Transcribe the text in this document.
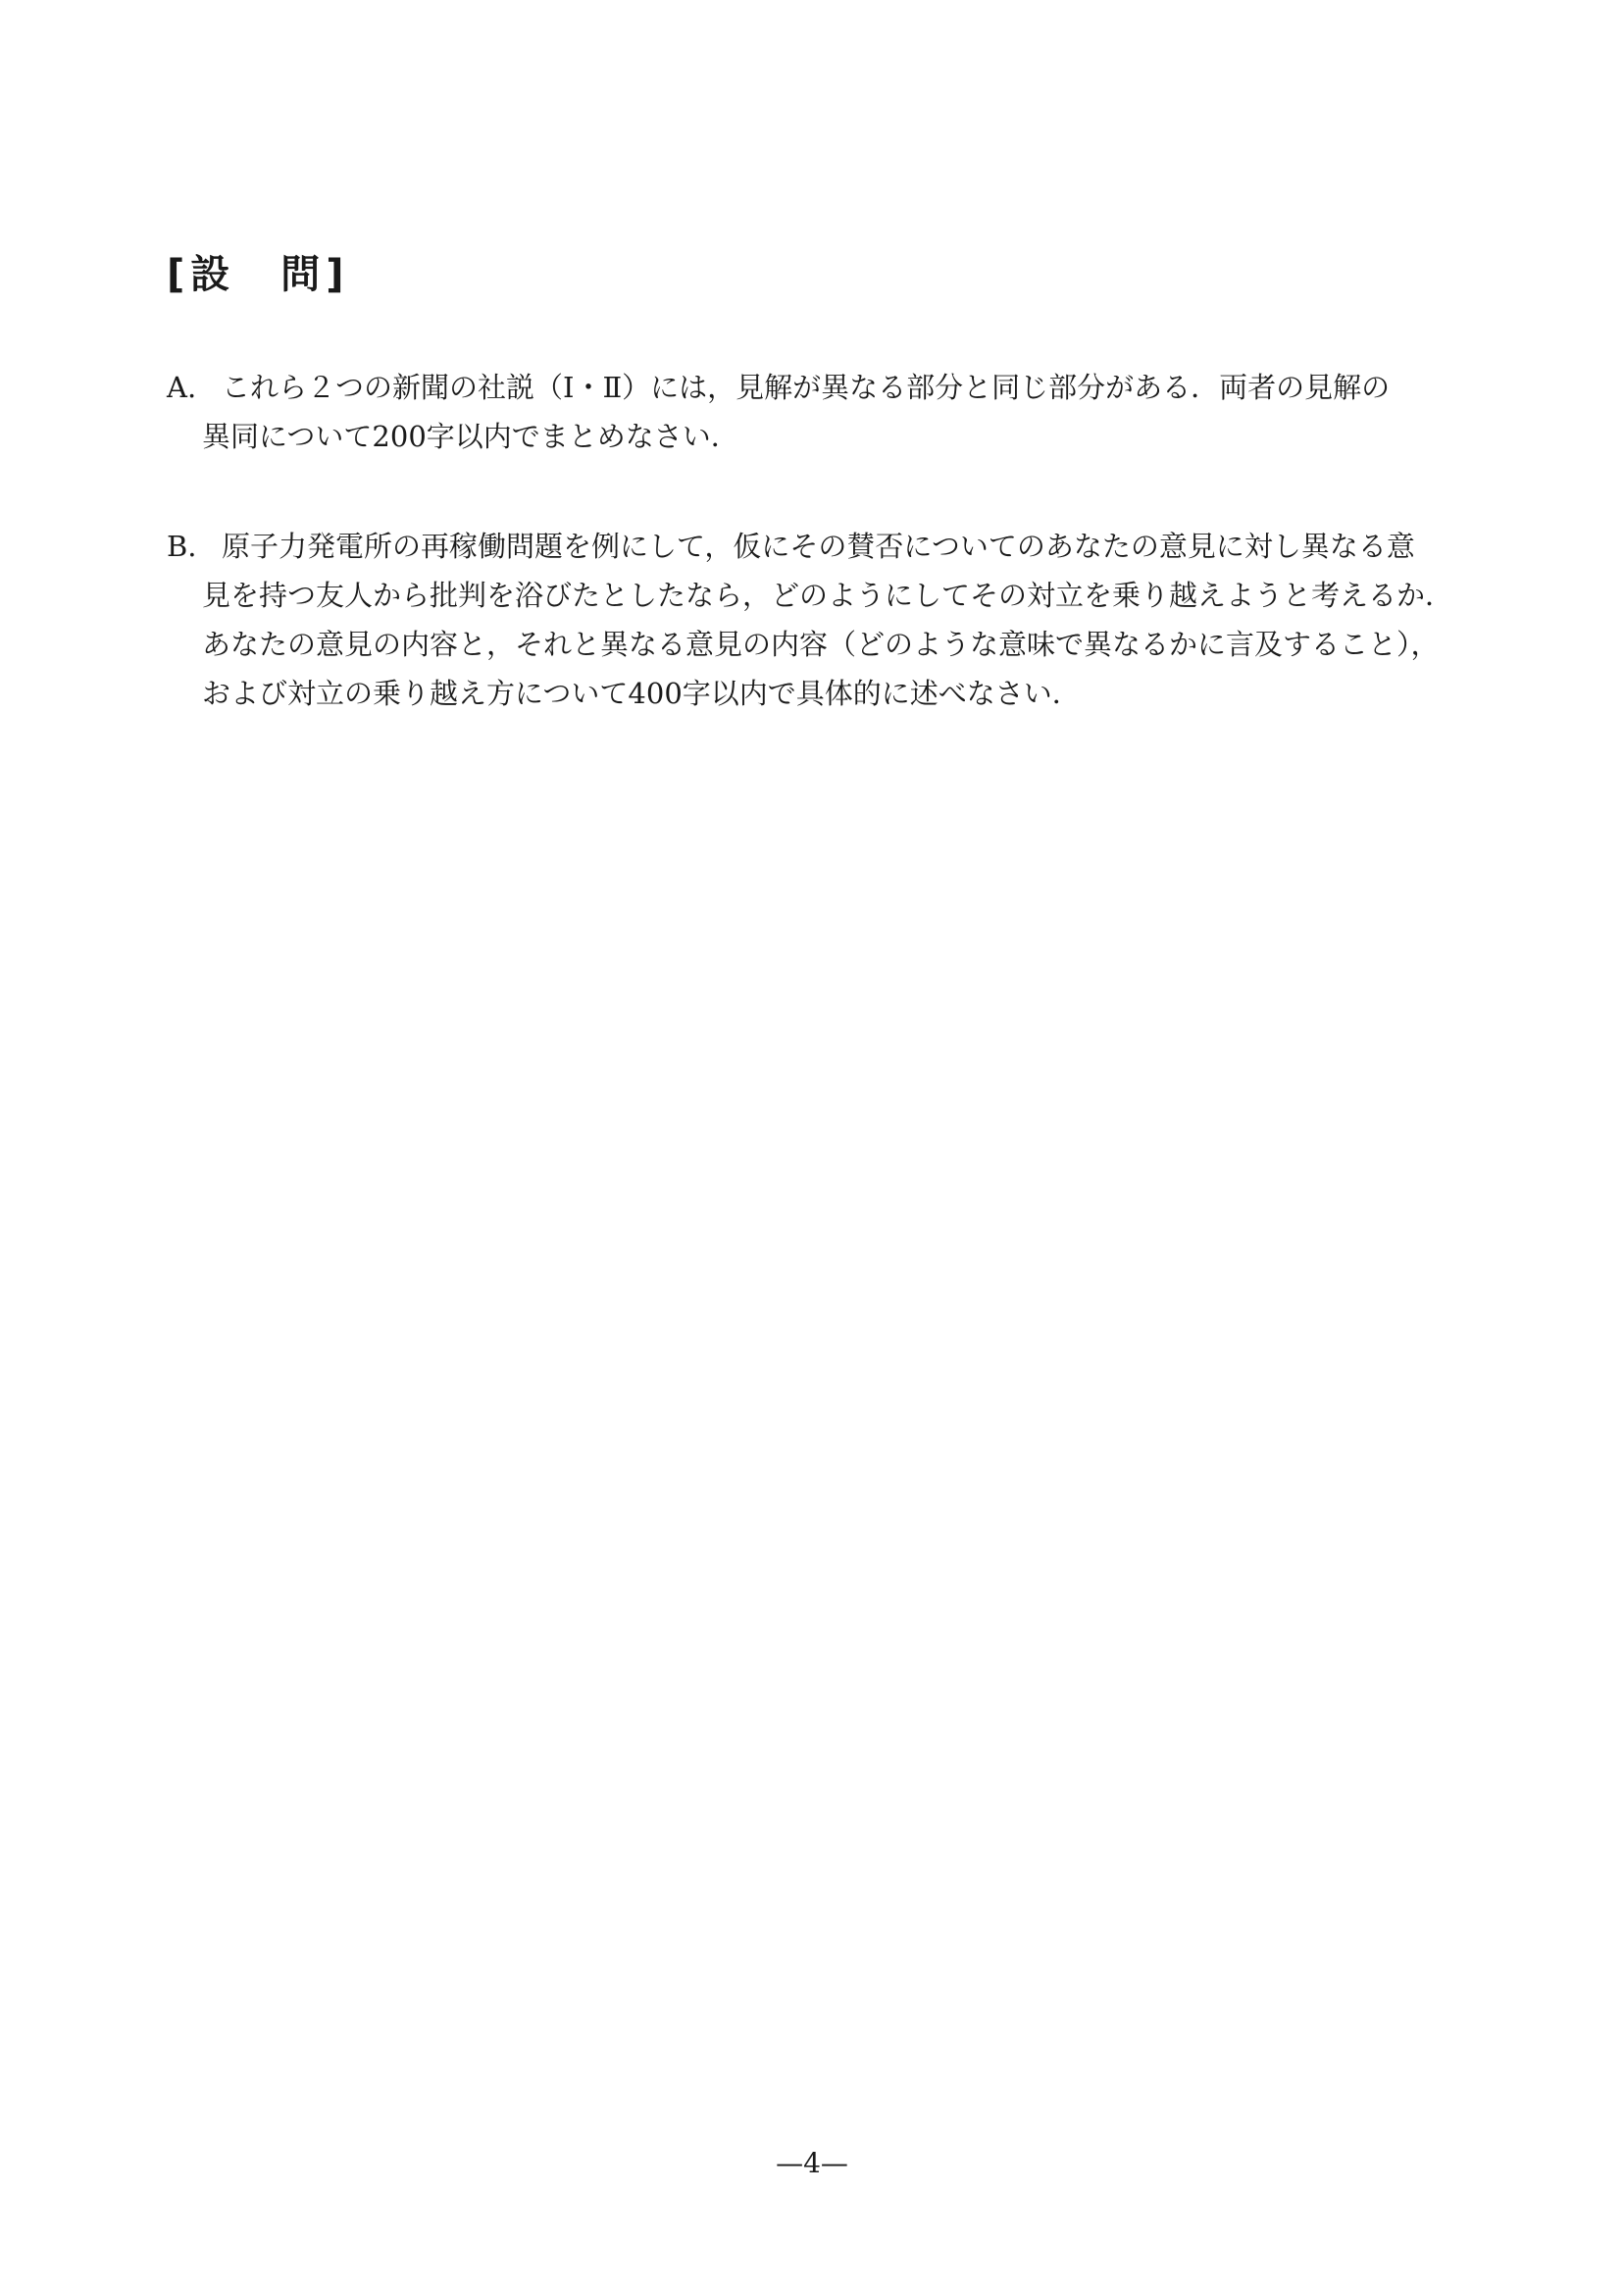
[設　問]
A. これら２つの新聞の社説（Ⅰ・Ⅱ）には，見解が異なる部分と同じ部分がある．両者の見解の
異同について200字以内でまとめなさい．
B. 原子力発電所の再稼働問題を例にして，仮にその賛否についてのあなたの意見に対し異なる意
見を持つ友人から批判を浴びたとしたなら，どのようにしてその対立を乗り越えようと考えるか．
あなたの意見の内容と，それと異なる意見の内容（どのような意味で異なるかに言及すること），
および対立の乗り越え方について400字以内で具体的に述べなさい．
—4—
